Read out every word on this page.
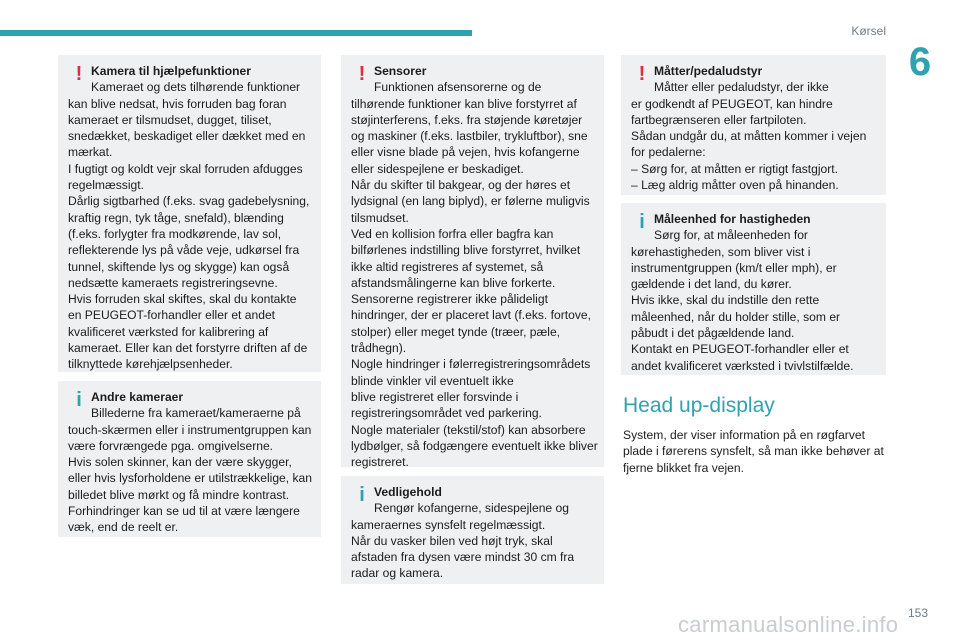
Kørsel
6
! Kamera til hjælpefunktioner
Kameraet og dets tilhørende funktioner
kan blive nedsat, hvis forruden bag foran
kameraet er tilsmudset, dugget, tiliset,
snedækket, beskadiget eller dækket med en
mærkat.
I fugtigt og koldt vejr skal forruden afdugges
regelmæssigt.
Dårlig sigtbarhed (f.eks. svag gadebelysning,
kraftig regn, tyk tåge, snefald), blænding
(f.eks. forlygter fra modkørende, lav sol,
reflekterende lys på våde veje, udkørsel fra
tunnel, skiftende lys og skygge) kan også
nedsætte kameraets registreringsevne.
Hvis forruden skal skiftes, skal du kontakte
en PEUGEOT-forhandler eller et andet
kvalificeret værksted for kalibrering af
kameraet. Eller kan det forstyrre driften af de
tilknyttede kørehjælpsenheder.
i Andre kameraer
Billederne fra kameraet/kameraerne på
touch-skærmen eller i instrumentgruppen kan
være forvrængede pga. omgivelserne.
Hvis solen skinner, kan der være skygger,
eller hvis lysforholdene er utilstrækkelige, kan
billedet blive mørkt og få mindre kontrast.
Forhindringer kan se ud til at være længere
væk, end de reelt er.
! Sensorer
Funktionen afsensorerne og de
tilhørende funktioner kan blive forstyrret af
støjinterferens, f.eks. fra støjende køretøjer
og maskiner (f.eks. lastbiler, trykluftbor), sne
eller visne blade på vejen, hvis kofangerne
eller sidespejlene er beskadiget.
Når du skifter til bakgear, og der høres et
lydsignal (en lang biplyd), er følerne muligvis
tilsmudset.
Ved en kollision forfra eller bagfra kan
bilførlenes indstilling blive forstyrret, hvilket
ikke altid registreres af systemet, så
afstandsmålingerne kan blive forkerte.
Sensorerne registrerer ikke pålideligt
hindringer, der er placeret lavt (f.eks. fortove,
stolper) eller meget tynde (træer, pæle,
trådhegn).
Nogle hindringer i følerregistreringsområdets
blinde vinkler vil eventuelt ikke
blive registreret eller forsvinde i
registreringsområdet ved parkering.
Nogle materialer (tekstil/stof) kan absorbere
lydbølger, så fodgængere eventuelt ikke bliver
registreret.
i Vedligehold
Rengør kofangerne, sidespejlene og
kameraernes synsfelt regelmæssigt.
Når du vasker bilen ved højt tryk, skal
afstaden fra dysen være mindst 30 cm fra
radar og kamera.
! Måtter/pedaludstyr
Måtter eller pedaludstyr, der ikke
er godkendt af PEUGEOT, kan hindre
fartbegrænseren eller fartpiloten.
Sådan undgår du, at måtten kommer i vejen
for pedalerne:
– Sørg for, at måtten er rigtigt fastgjort.
– Læg aldrig måtter oven på hinanden.
i Måleenhed for hastigheden
Sørg for, at måleenheden for
kørehastigheden, som bliver vist i
instrumentgruppen (km/t eller mph), er
gældende i det land, du kører.
Hvis ikke, skal du indstille den rette
måleenhed, når du holder stille, som er
påbudt i det pågældende land.
Kontakt en PEUGEOT-forhandler eller et
andet kvalificeret værksted i tvivlstilfælde.
Head up-display
System, der viser information på en røgfarvet
plade i førerens synsfelt, så man ikke behøver at
fjerne blikket fra vejen.
153
carmanualsonline.info
